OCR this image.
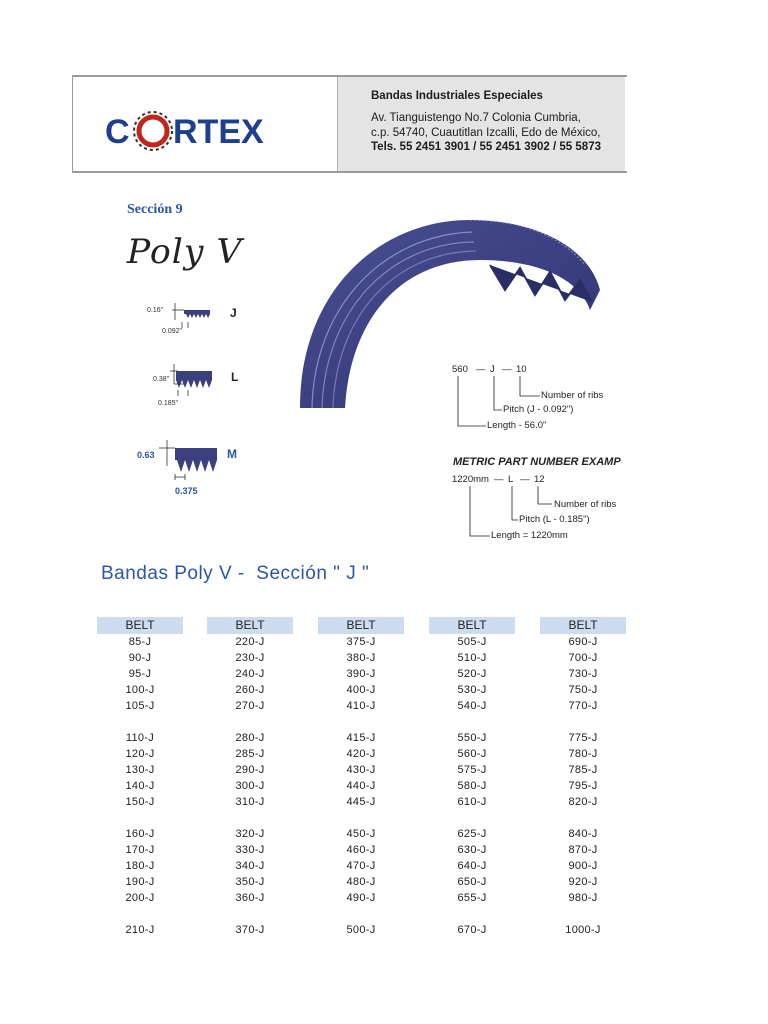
C RTEX
Bandas Industriales Especiales
Av. Tianguistengo No.7 Colonia Cumbria,
c.p. 54740, Cuautitlan Izcalli, Edo de México,
Tels. 55 2451 3901 / 55 2451 3902 / 55 5873
Sección 9
Poly V
0.16"
0.092"
J
0.38"
0.185"
L
0.63
0.375
M
560 — J — 10
Number of ribs
Pitch (J - 0.092")
Length - 56.0"
METRIC PART NUMBER EXAMP
1220mm — L — 12
Number of ribs
Pitch (L - 0.185")
Length = 1220mm
Bandas Poly V -  Sección " J "
BELT
85-J
90-J
95-J
100-J
105-J
110-J
120-J
130-J
140-J
150-J
160-J
170-J
180-J
190-J
200-J
210-J
BELT
220-J
230-J
240-J
260-J
270-J
280-J
285-J
290-J
300-J
310-J
320-J
330-J
340-J
350-J
360-J
370-J
BELT
375-J
380-J
390-J
400-J
410-J
415-J
420-J
430-J
440-J
445-J
450-J
460-J
470-J
480-J
490-J
500-J
BELT
505-J
510-J
520-J
530-J
540-J
550-J
560-J
575-J
580-J
610-J
625-J
630-J
640-J
650-J
655-J
670-J
BELT
690-J
700-J
730-J
750-J
770-J
775-J
780-J
785-J
795-J
820-J
840-J
870-J
900-J
920-J
980-J
1000-J
